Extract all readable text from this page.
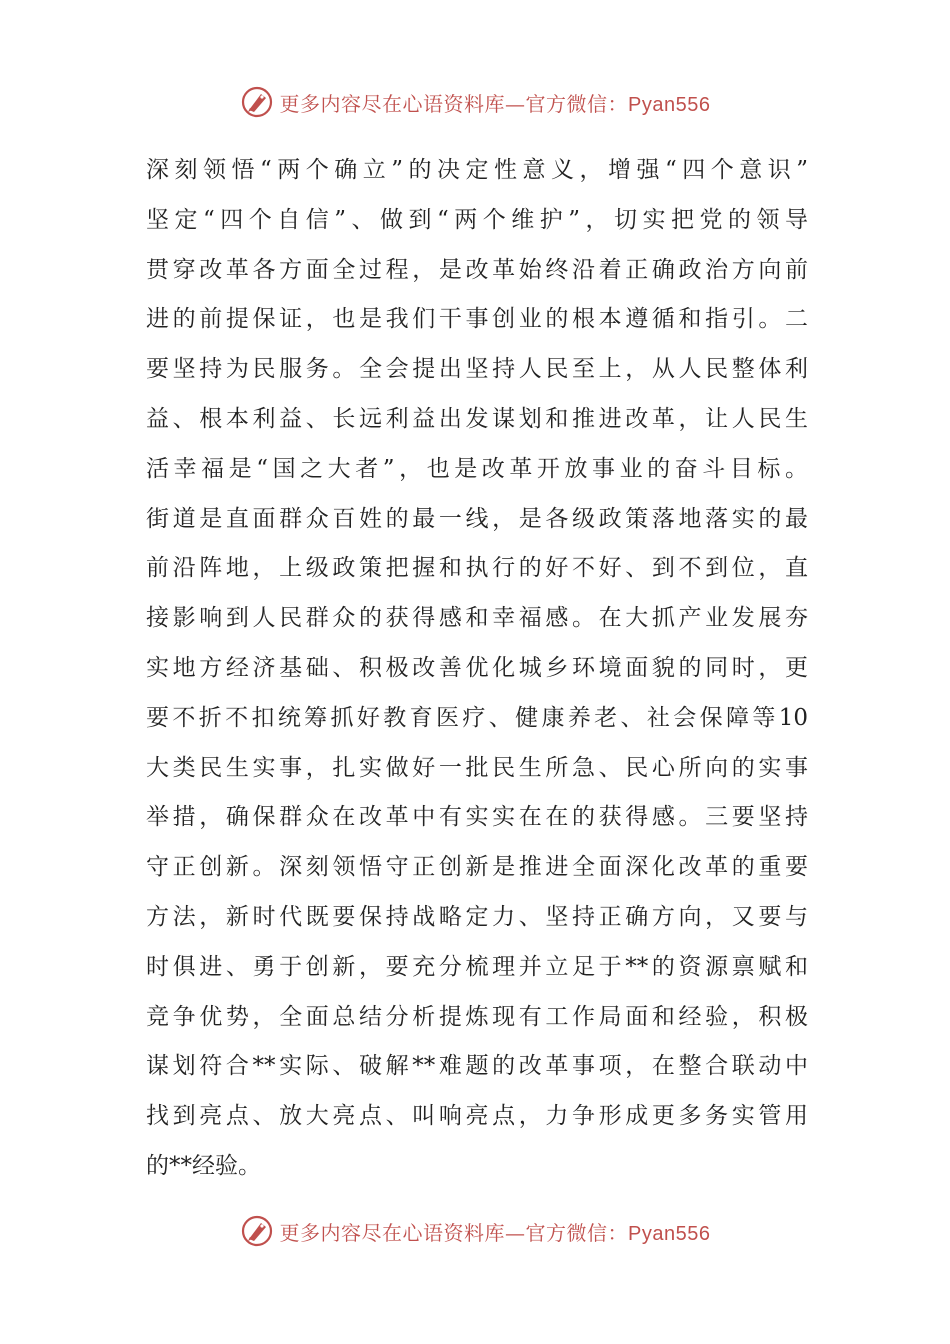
更多内容尽在心语资料库—官方微信：Pyan556
深刻领悟“两个确立”的决定性意义，增强“四个意识”
坚定“四个自信”、做到“两个维护”，切实把党的领导
贯穿改革各方面全过程，是改革始终沿着正确政治方向前
进的前提保证，也是我们干事创业的根本遵循和指引。二
要坚持为民服务。全会提出坚持人民至上，从人民整体利
益、根本利益、长远利益出发谋划和推进改革，让人民生
活幸福是“国之大者”，也是改革开放事业的奋斗目标。
街道是直面群众百姓的最一线，是各级政策落地落实的最
前沿阵地，上级政策把握和执行的好不好、到不到位，直
接影响到人民群众的获得感和幸福感。在大抓产业发展夯
实地方经济基础、积极改善优化城乡环境面貌的同时，更
要不折不扣统筹抓好教育医疗、健康养老、社会保障等10
大类民生实事，扎实做好一批民生所急、民心所向的实事
举措，确保群众在改革中有实实在在的获得感。三要坚持
守正创新。深刻领悟守正创新是推进全面深化改革的重要
方法，新时代既要保持战略定力、坚持正确方向，又要与
时俱进、勇于创新，要充分梳理并立足于**的资源禀赋和
竞争优势，全面总结分析提炼现有工作局面和经验，积极
谋划符合**实际、破解**难题的改革事项，在整合联动中
找到亮点、放大亮点、叫响亮点，力争形成更多务实管用
的**经验。
更多内容尽在心语资料库—官方微信：Pyan556
